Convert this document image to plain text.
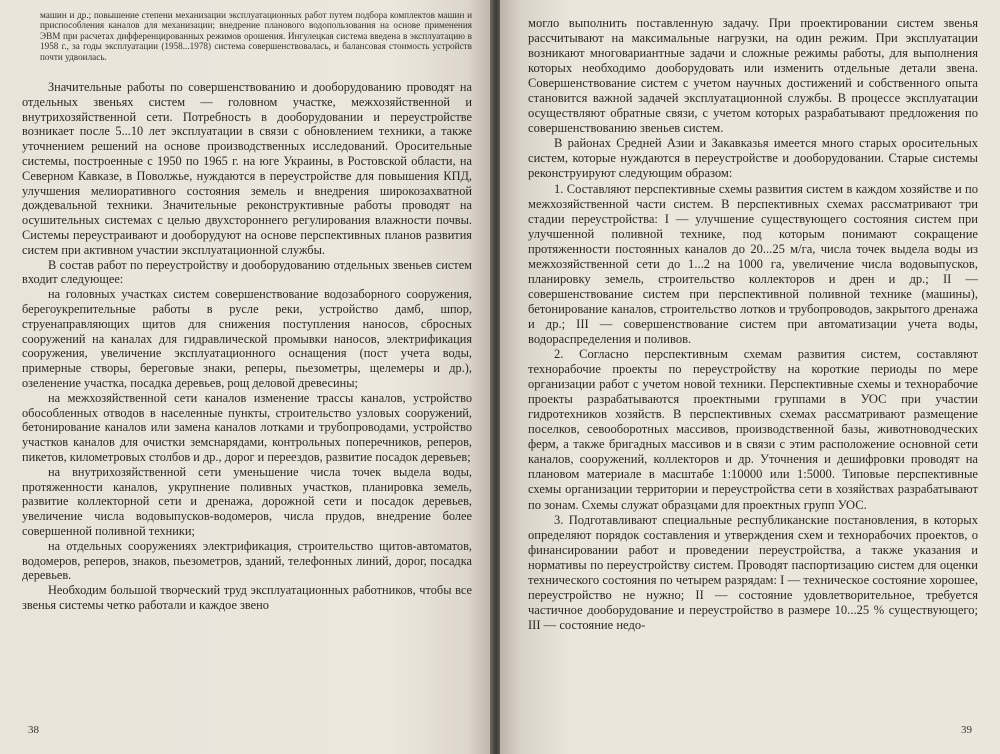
машин и др.; повышение степени механизации эксплуатационных работ путем подбора комплектов машин и приспособления каналов для механизации; внедрение планового водопользования на основе применения ЭВМ при расчетах дифференцированных режимов орошения. Ингулецкая система введена в эксплуатацию в 1958 г., за годы эксплуатации (1958...1978) система совершенствовалась, и балансовая стоимость устройств почти удвоилась.

Значительные работы по совершенствованию и дооборудованию проводят на отдельных звеньях систем — головном участке, межхозяйственной и внутрихозяйственной сети. Потребность в дооборудовании и переустройстве возникает после 5...10 лет эксплуатации в связи с обновлением техники, а также уточнением решений на основе производственных исследований. Оросительные системы, построенные с 1950 по 1965 г. на юге Украины, в Ростовской области, на Северном Кавказе, в Поволжье, нуждаются в переустройстве для повышения КПД, улучшения мелиоративного состояния земель и внедрения широкозахватной дождевальной техники. Значительные реконструктивные работы проводят на осушительных системах с целью двухстороннего регулирования влажности почвы. Системы переустраивают и дооборудуют на основе перспективных планов развития систем при активном участии эксплуатационной службы.

В состав работ по переустройству и дооборудованию отдельных звеньев систем входит следующее:

на головных участках систем совершенствование водозаборного сооружения, берегоукрепительные работы в русле реки, устройство дамб, шпор, струенаправляющих щитов для снижения поступления наносов, сбросных сооружений на каналах для гидравлической промывки наносов, электрификация сооружения, увеличение эксплуатационного оснащения (пост учета воды, примерные створы, береговые знаки, реперы, пьезометры, щелемеры и др.), озеленение участка, посадка деревьев, рощ деловой древесины;

на межхозяйственной сети каналов изменение трассы каналов, устройство обособленных отводов в населенные пункты, строительство узловых сооружений, бетонирование каналов или замена каналов лотками и трубопроводами, устройство участков каналов для очистки земснарядами, контрольных поперечников, реперов, пикетов, километровых столбов и др., дорог и переездов, развитие посадок деревьев;

на внутрихозяйственной сети уменьшение числа точек выдела воды, протяженности каналов, укрупнение поливных участков, планировка земель, развитие коллекторной сети и дренажа, дорожной сети и посадок деревьев, увеличение числа водовыпусков-водомеров, числа прудов, внедрение более совершенной поливной техники;

на отдельных сооружениях электрификация, строительство щитов-автоматов, водомеров, реперов, знаков, пьезометров, зданий, телефонных линий, дорог, посадка деревьев.

Необходим большой творческий труд эксплуатационных работников, чтобы все звенья системы четко работали и каждое звено

38

могло выполнить поставленную задачу. При проектировании систем звенья рассчитывают на максимальные нагрузки, на один режим. При эксплуатации возникают многовариантные задачи и сложные режимы работы, для выполнения которых необходимо дооборудовать или изменить отдельные детали звена. Совершенствование систем с учетом научных достижений и собственного опыта становится важной задачей эксплуатационной службы. В процессе эксплуатации осуществляют обратные связи, с учетом которых разрабатывают предложения по совершенствованию звеньев систем.

В районах Средней Азии и Закавказья имеется много старых оросительных систем, которые нуждаются в переустройстве и дооборудовании. Старые системы реконструируют следующим образом:

1. Составляют перспективные схемы развития систем в каждом хозяйстве и по межхозяйственной части систем. В перспективных схемах рассматривают три стадии переустройства: I — улучшение существующего состояния систем при улучшенной поливной технике, под которым понимают сокращение протяженности постоянных каналов до 20...25 м/га, числа точек выдела воды из межхозяйственной сети до 1...2 на 1000 га, увеличение числа водовыпусков, планировку земель, строительство коллекторов и дрен и др.; II — совершенствование систем при перспективной поливной технике (машины), бетонирование каналов, строительство лотков и трубопроводов, закрытого дренажа и др.; III — совершенствование систем при автоматизации учета воды, водораспределения и поливов.

2. Согласно перспективным схемам развития систем, составляют технорабочие проекты по переустройству на короткие периоды по мере организации работ с учетом новой техники. Перспективные схемы и технорабочие проекты разрабатываются проектными группами в УОС при участии гидротехников хозяйств. В перспективных схемах рассматривают размещение поселков, севооборотных массивов, производственной базы, животноводческих ферм, а также бригадных массивов и в связи с этим расположение основной сети каналов, сооружений, коллекторов и др. Уточнения и дешифровки проводят на плановом материале в масштабе 1:10000 или 1:5000. Типовые перспективные схемы организации территории и переустройства сети в хозяйствах разрабатывают по зонам. Схемы служат образцами для проектных групп УОС.

3. Подготавливают специальные республиканские постановления, в которых определяют порядок составления и утверждения схем и технорабочих проектов, о финансировании работ и проведении переустройства, а также указания и нормативы по переустройству систем. Проводят паспортизацию систем для оценки технического состояния по четырем разрядам: I — техническое состояние хорошее, переустройство не нужно; II — состояние удовлетворительное, требуется частичное дооборудование и переустройство в размере 10...25 % существующего; III — состояние недо-

39
